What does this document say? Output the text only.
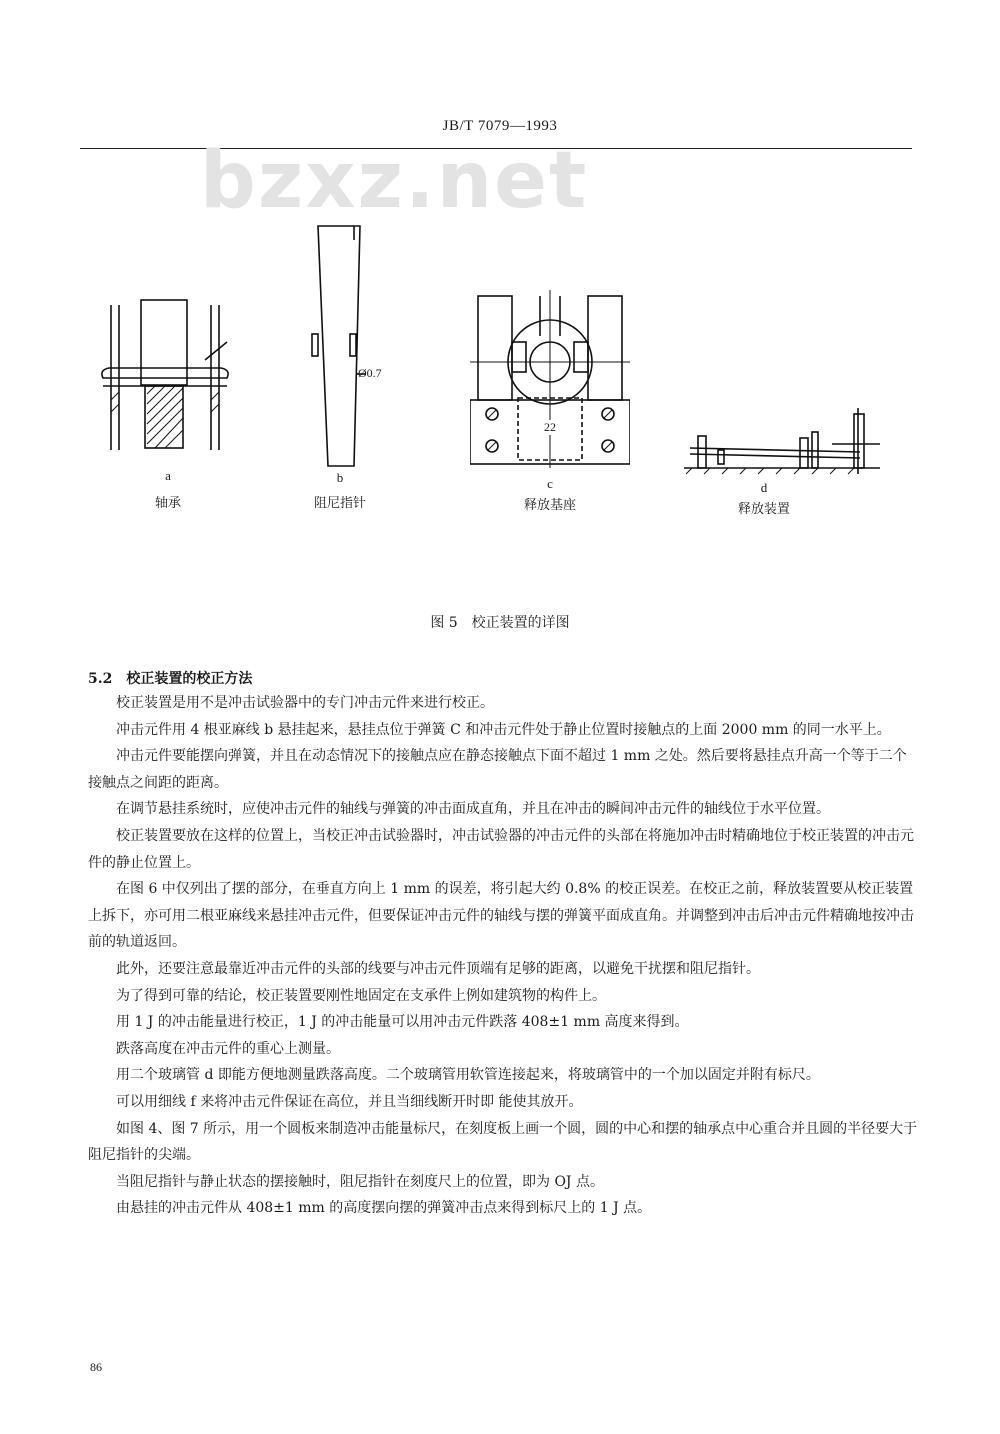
JB/T 7079—1993
bzxz.net
a
轴承
Ø0.7
b
阻尼指针
22
c
释放基座
d
释放装置
图 5　校正装置的详图
5.2  校正装置的校正方法

校正装置是用不是冲击试验器中的专门冲击元件来进行校正。

冲击元件用 4 根亚麻线 b 悬挂起来，悬挂点位于弹簧 C 和冲击元件处于静止位置时接触点的上面 2000 mm 的同一水平上。

冲击元件要能摆向弹簧，并且在动态情况下的接触点应在静态接触点下面不超过 1 mm 之处。然后要将悬挂点升高一个等于二个接触点之间距的距离。

在调节悬挂系统时，应使冲击元件的轴线与弹簧的冲击面成直角，并且在冲击的瞬间冲击元件的轴线位于水平位置。

校正装置要放在这样的位置上，当校正冲击试验器时，冲击试验器的冲击元件的头部在将施加冲击时精确地位于校正装置的冲击元件的静止位置上。

在图 6 中仅列出了摆的部分，在垂直方向上 1 mm 的误差，将引起大约 0.8% 的校正误差。在校正之前，释放装置要从校正装置上拆下，亦可用二根亚麻线来悬挂冲击元件，但要保证冲击元件的轴线与摆的弹簧平面成直角。并调整到冲击后冲击元件精确地按冲击前的轨道返回。

此外，还要注意最靠近冲击元件的头部的线要与冲击元件顶端有足够的距离，以避免干扰摆和阻尼指针。

为了得到可靠的结论，校正装置要刚性地固定在支承件上例如建筑物的构件上。

用 1 J 的冲击能量进行校正，1 J 的冲击能量可以用冲击元件跌落 408±1 mm 高度来得到。

跌落高度在冲击元件的重心上测量。

用二个玻璃管 d 即能方便地测量跌落高度。二个玻璃管用软管连接起来，将玻璃管中的一个加以固定并附有标尺。

可以用细线 f 来将冲击元件保证在高位，并且当细线断开时即 能使其放开。

如图 4、图 7 所示，用一个圆板来制造冲击能量标尺，在刻度板上画一个圆，圆的中心和摆的轴承点中心重合并且圆的半径要大于阻尼指针的尖端。

当阻尼指针与静止状态的摆接触时，阻尼指针在刻度尺上的位置，即为 OJ 点。

由悬挂的冲击元件从 408±1 mm 的高度摆向摆的弹簧冲击点来得到标尺上的 1 J 点。

86
